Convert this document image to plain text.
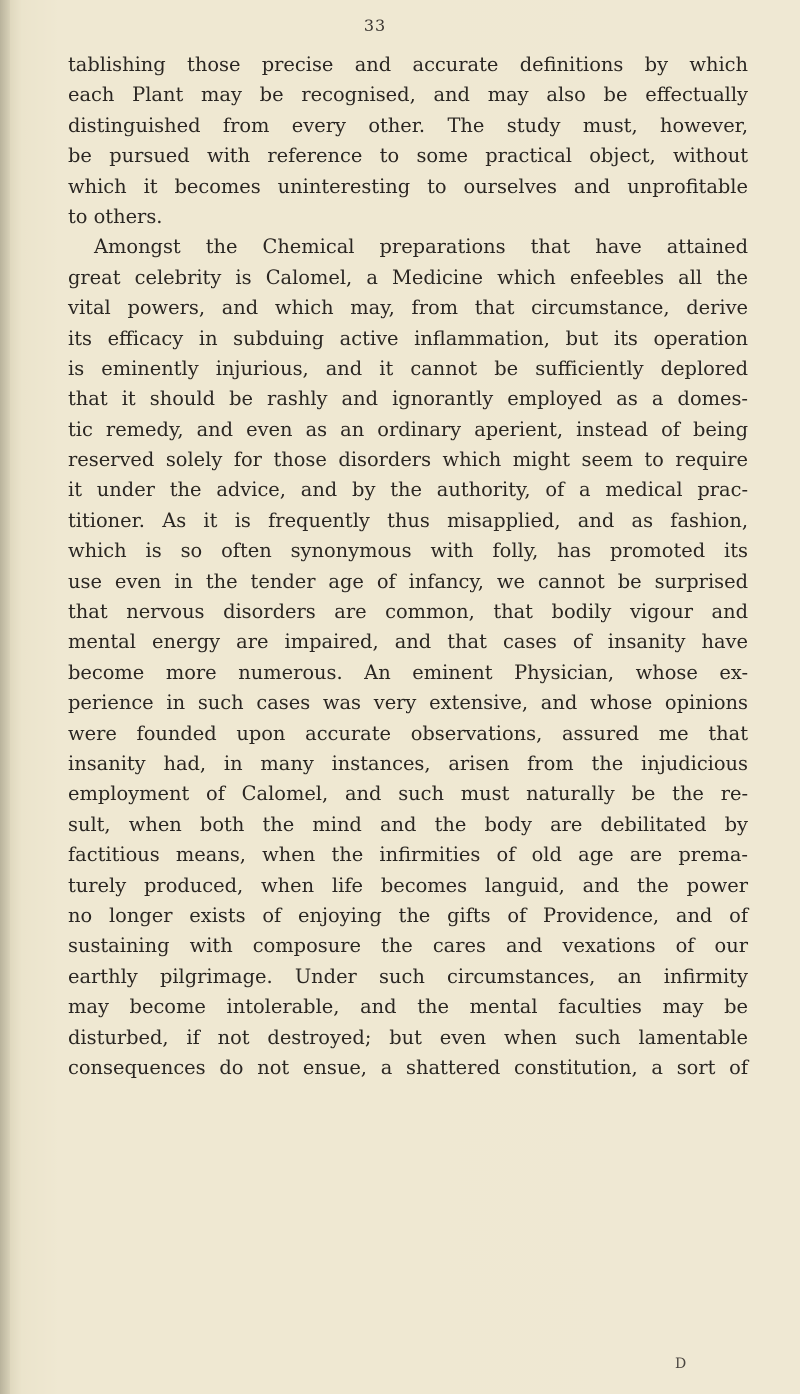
33
tablishing those precise and accurate definitions by which
each Plant may be recognised, and may also be effectually
distinguished from every other. The study must, however,
be pursued with reference to some practical object, without
which it becomes uninteresting to ourselves and unprofitable
to others.
Amongst the Chemical preparations that have attained
great celebrity is Calomel, a Medicine which enfeebles all the
vital powers, and which may, from that circumstance, derive
its efficacy in subduing active inflammation, but its operation
is eminently injurious, and it cannot be sufficiently deplored
that it should be rashly and ignorantly employed as a domes-
tic remedy, and even as an ordinary aperient, instead of being
reserved solely for those disorders which might seem to require
it under the advice, and by the authority, of a medical prac-
titioner. As it is frequently thus misapplied, and as fashion,
which is so often synonymous with folly, has promoted its
use even in the tender age of infancy, we cannot be surprised
that nervous disorders are common, that bodily vigour and
mental energy are impaired, and that cases of insanity have
become more numerous. An eminent Physician, whose ex-
perience in such cases was very extensive, and whose opinions
were founded upon accurate observations, assured me that
insanity had, in many instances, arisen from the injudicious
employment of Calomel, and such must naturally be the re-
sult, when both the mind and the body are debilitated by
factitious means, when the infirmities of old age are prema-
turely produced, when life becomes languid, and the power
no longer exists of enjoying the gifts of Providence, and of
sustaining with composure the cares and vexations of our
earthly pilgrimage. Under such circumstances, an infirmity
may become intolerable, and the mental faculties may be
disturbed, if not destroyed; but even when such lamentable
consequences do not ensue, a shattered constitution, a sort of
D
